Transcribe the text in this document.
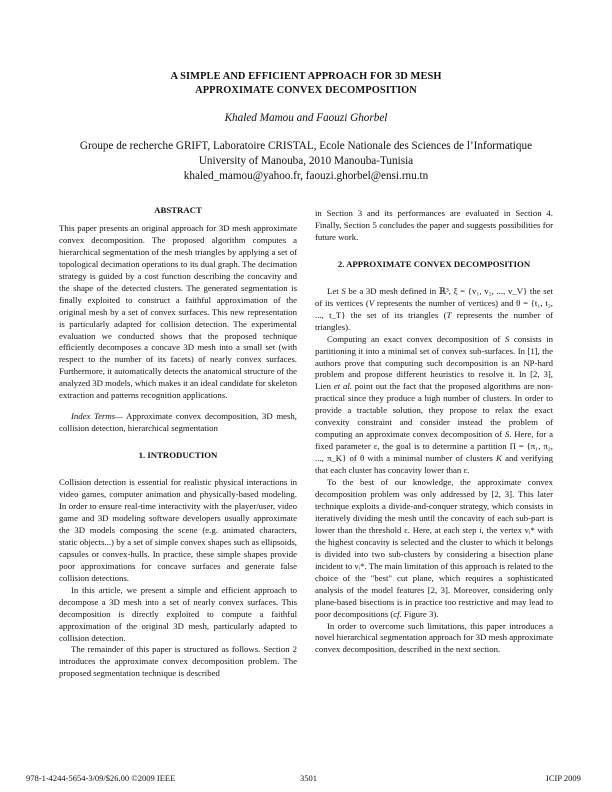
A SIMPLE AND EFFICIENT APPROACH FOR 3D MESH
APPROXIMATE CONVEX DECOMPOSITION
Khaled Mamou and Faouzi Ghorbel
Groupe de recherche GRIFT, Laboratoire CRISTAL, Ecole Nationale des Sciences de l’Informatique
University of Manouba, 2010 Manouba-Tunisia
khaled_mamou@yahoo.fr, faouzi.ghorbel@ensi.rnu.tn
ABSTRACT

This paper presents an original approach for 3D mesh approximate convex decomposition. The proposed algorithm computes a hierarchical segmentation of the mesh triangles by applying a set of topological decimation operations to its dual graph. The decimation strategy is guided by a cost function describing the concavity and the shape of the detected clusters. The generated segmentation is finally exploited to construct a faithful approximation of the original mesh by a set of convex surfaces. This new representation is particularly adapted for collision detection. The experimental evaluation we conducted shows that the proposed technique efficiently decomposes a concave 3D mesh into a small set (with respect to the number of its facets) of nearly convex surfaces. Furthermore, it automatically detects the anatomical structure of the analyzed 3D models, which makes it an ideal candidate for skeleton extraction and patterns recognition applications.

Index Terms— Approximate convex decomposition, 3D mesh, collision detection, hierarchical segmentation

1. INTRODUCTION

Collision detection is essential for realistic physical interactions in video games, computer animation and physically-based modeling. In order to ensure real-time interactivity with the player/user, video game and 3D modeling software developers usually approximate the 3D models composing the scene (e.g. animated characters, static objects...) by a set of simple convex shapes such as ellipsoids, capsules or convex-hulls. In practice, these simple shapes provide poor approximations for concave surfaces and generate false collision detections.

In this article, we present a simple and efficient approach to decompose a 3D mesh into a set of nearly convex surfaces. This decomposition is directly exploited to compute a faithful approximation of the original 3D mesh, particularly adapted to collision detection.

The remainder of this paper is structured as follows. Section 2 introduces the approximate convex decomposition problem. The proposed segmentation technique is described

in Section 3 and its performances are evaluated in Section 4. Finally, Section 5 concludes the paper and suggests possibilities for future work.

2. APPROXIMATE CONVEX DECOMPOSITION

Let S be a 3D mesh defined in ℝ³, ξ = {v₁, v₂, ..., v_V} the set of its vertices (V represents the number of vertices) and θ = {t₁, t₂, ..., t_T} the set of its triangles (T represents the number of triangles).

Computing an exact convex decomposition of S consists in partitioning it into a minimal set of convex sub-surfaces. In [1], the authors prove that computing such decomposition is an NP-hard problem and propose different heuristics to resolve it. In [2, 3], Lien et al. point out the fact that the proposed algorithms are non-practical since they produce a high number of clusters. In order to provide a tractable solution, they propose to relax the exact convexity constraint and consider instead the problem of computing an approximate convex decomposition of S. Here, for a fixed parameter ε, the goal is to determine a partition Π = {π₁, π₂, ..., π_K} of θ with a minimal number of clusters K and verifying that each cluster has concavity lower than ε.

To the best of our knowledge, the approximate convex decomposition problem was only addressed by [2, 3]. This later technique exploits a divide-and-conquer strategy, which consists in iteratively dividing the mesh until the concavity of each sub-part is lower than the threshold ε. Here, at each step i, the vertex vᵢ* with the highest concavity is selected and the cluster to which it belongs is divided into two sub-clusters by considering a bisection plane incident to vᵢ*. The main limitation of this approach is related to the choice of the "best" cut plane, which requires a sophisticated analysis of the model features [2, 3]. Moreover, considering only plane-based bisections is in practice too restrictive and may lead to poor decompositions (cf. Figure 3).

In order to overcome such limitations, this paper introduces a novel hierarchical segmentation approach for 3D mesh approximate convex decomposition, described in the next section.

978-1-4244-5654-3/09/$26.00 ©2009 IEEE	3501	ICIP 2009
